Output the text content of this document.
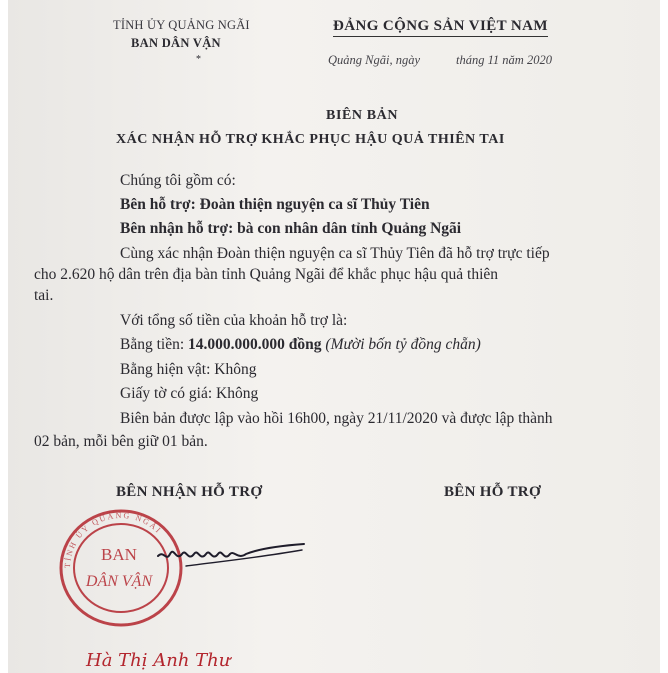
TỈNH ỦY QUẢNG NGÃI
BAN DÂN VẬN
*
ĐẢNG CỘNG SẢN VIỆT NAM
Quảng Ngãi, ngày	tháng 11 năm 2020
BIÊN BẢN
XÁC NHẬN HỖ TRỢ KHẮC PHỤC HẬU QUẢ THIÊN TAI
Chúng tôi gồm có:
Bên hỗ trợ: Đoàn thiện nguyện ca sĩ Thủy Tiên
Bên nhận hỗ trợ: bà con nhân dân tỉnh Quảng Ngãi
Cùng xác nhận Đoàn thiện nguyện ca sĩ Thủy Tiên đã hỗ trợ trực tiếp
cho 2.620 hộ dân trên địa bàn tỉnh Quảng Ngãi để khắc phục hậu quả thiên
tai.
Với tổng số tiền của khoản hỗ trợ là:
Bằng tiền: 14.000.000.000 đồng (Mười bốn tỷ đồng chẵn)
Bằng hiện vật: Không
Giấy tờ có giá: Không
Biên bản được lập vào hồi 16h00, ngày 21/11/2020 và được lập thành
02 bản, mỗi bên giữ 01 bản.
BÊN NHẬN HỖ TRỢ	BÊN HỖ TRỢ
TỈNH ỦY QUẢNG NGÃI
BAN
DÂN VẬN
Hà Thị Anh Thư
